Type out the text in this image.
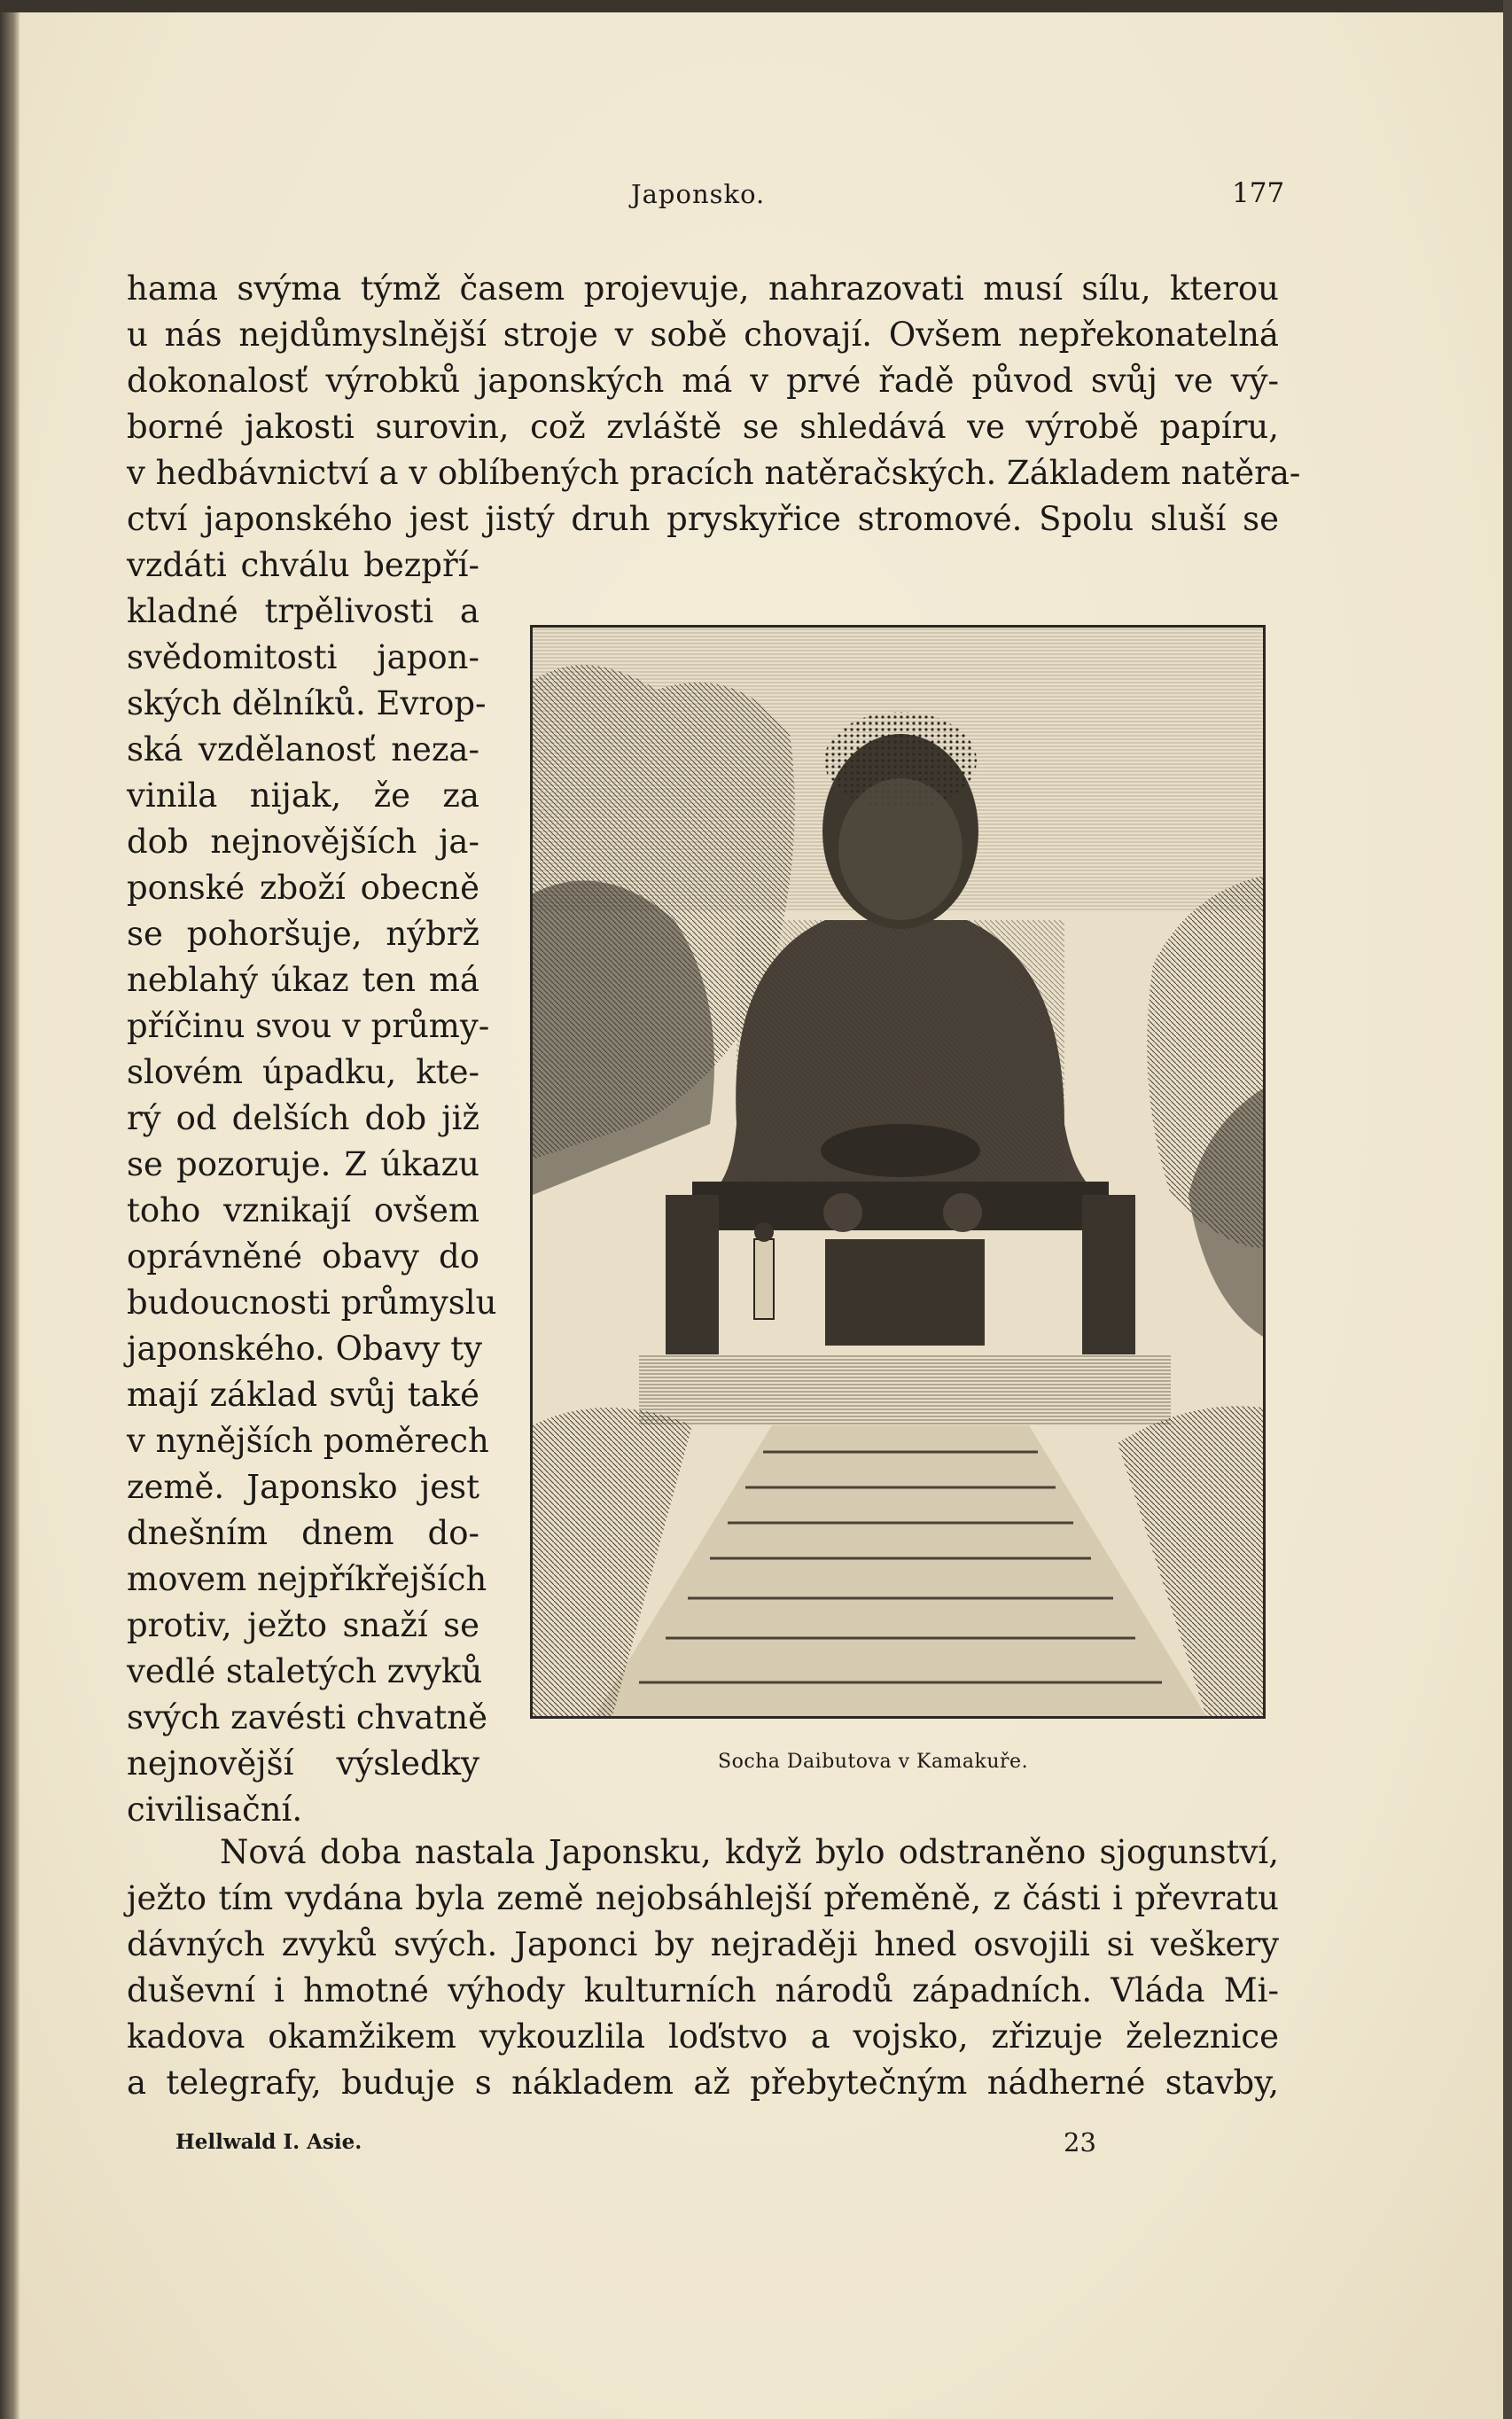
Japonsko.	177
hama svýma týmž časem projevuje, nahrazovati musí sílu, kterou
u nás nejdůmyslnější stroje v sobě chovají. Ovšem nepřekonatelná
dokonalosť výrobků japonských má v prvé řadě původ svůj ve vý-
borné jakosti surovin, což zvláště se shledává ve výrobě papíru,
v hedbávnictví a v oblíbených pracích natěračských. Základem natěra-
ctví japonského jest jistý druh pryskyřice stromové. Spolu sluší se
vzdáti chválu bezpří-
kladné trpělivosti a
svědomitosti japon-
ských dělníků. Evrop-
ská vzdělanosť neza-
vinila nijak, že za
dob nejnovějších ja-
ponské zboží obecně
se pohoršuje, nýbrž
neblahý úkaz ten má
příčinu svou v průmy-
slovém úpadku, kte-
rý od delších dob již
se pozoruje. Z úkazu
toho vznikají ovšem
oprávněné obavy do
budoucnosti průmyslu
japonského. Obavy ty
mají základ svůj také
v nynějších poměrech
země. Japonsko jest
dnešním dnem do-
movem nejpříkřejších
protiv, ježto snaží se
vedlé staletých zvyků
svých zavésti chvatně
nejnovější výsledky
civilisační.
Socha Daibutova v Kamakuře.
Nová doba nastala Japonsku, když bylo odstraněno sjogunství,
ježto tím vydána byla země nejobsáhlejší přeměně, z části i převratu
dávných zvyků svých. Japonci by nejraději hned osvojili si veškery
duševní i hmotné výhody kulturních národů západních. Vláda Mi-
kadova okamžikem vykouzlila loďstvo a vojsko, zřizuje železnice
a telegrafy, buduje s nákladem až přebytečným nádherné stavby,
Hellwald I. Asie.	23
